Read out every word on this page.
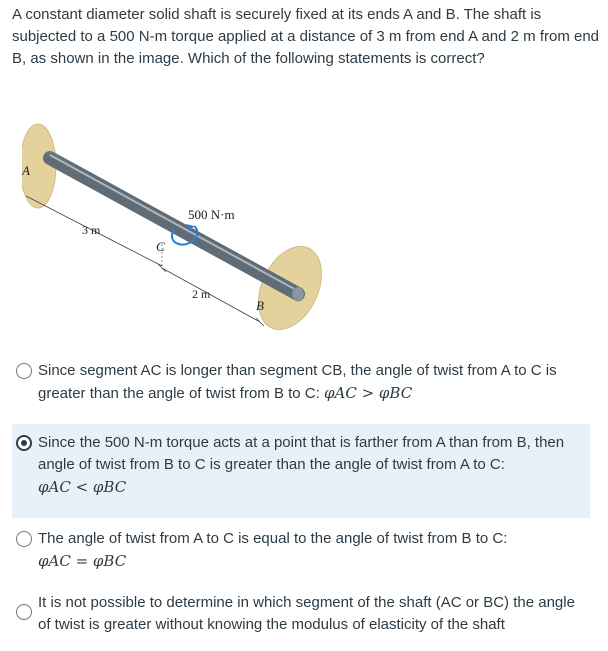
A constant diameter solid shaft is securely fixed at its ends A and B. The shaft is subjected to a 500 N-m torque applied at a distance of 3 m from end A and 2 m from end B, as shown in the image. Which of the following statements is correct?
A
B
C
500 N·m
3 m
2 m
Since segment AC is longer than segment CB, the angle of twist from A to C is greater than the angle of twist from B to C: φAC > φBC
Since the 500 N-m torque acts at a point that is farther from A than from B, then angle of twist from B to C is greater than the angle of twist from A to C:
φAC < φBC
The angle of twist from A to C is equal to the angle of twist from B to C:
φAC = φBC
It is not possible to determine in which segment of the shaft (AC or BC) the angle of twist is greater without knowing the modulus of elasticity of the shaft
